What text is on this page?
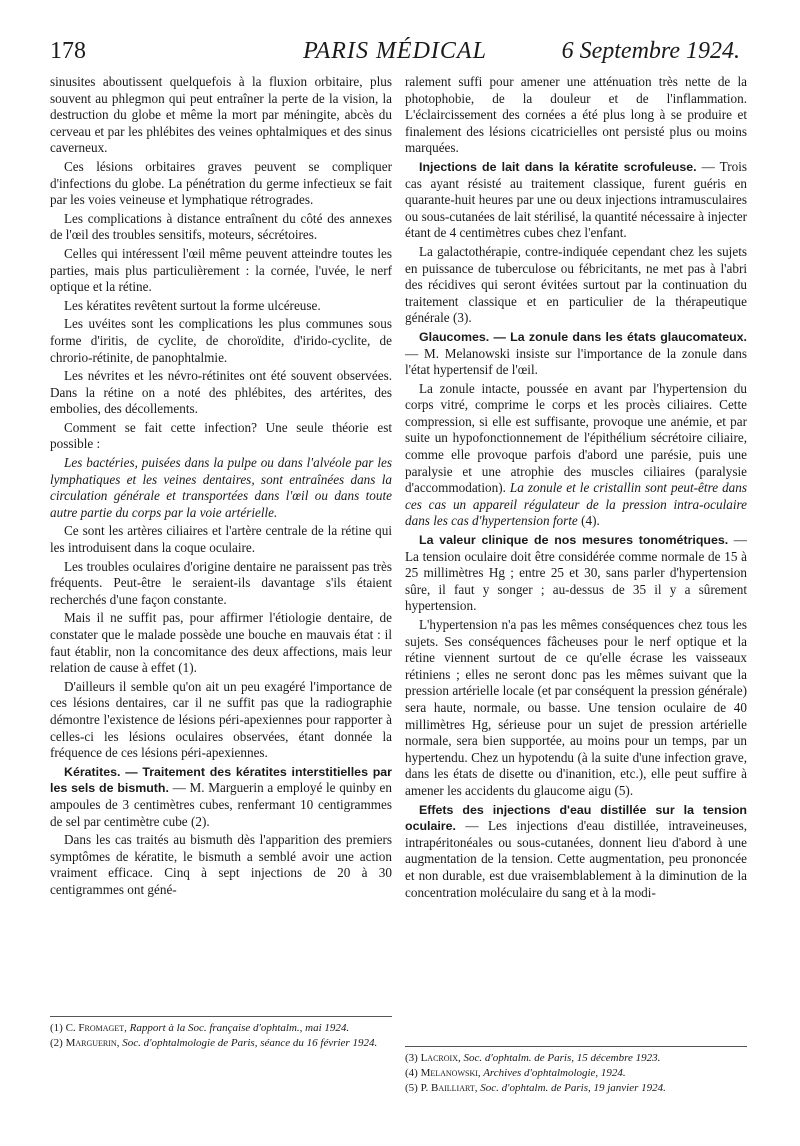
PARIS MÉDICAL
178	6 Septembre 1924.

sinusites aboutissent quelquefois à la fluxion orbitaire, plus souvent au phlegmon qui peut entraîner la perte de la vision, la destruction du globe et même la mort par méningite, abcès du cerveau et par les phlébites des veines ophtalmiques et des sinus caverneux.

Ces lésions orbitaires graves peuvent se compliquer d'infections du globe. La pénétration du germe infectieux se fait par les voies veineuse et lymphatique rétrogrades.

Les complications à distance entraînent du côté des annexes de l'œil des troubles sensitifs, moteurs, sécrétoires.

Celles qui intéressent l'œil même peuvent atteindre toutes les parties, mais plus particulièrement : la cornée, l'uvée, le nerf optique et la rétine.

Les kératites revêtent surtout la forme ulcéreuse.

Les uvéites sont les complications les plus communes sous forme d'iritis, de cyclite, de choroïdite, d'irido-cyclite, de chrorio-rétinite, de panophtalmie.

Les névrites et les névro-rétinites ont été souvent observées. Dans la rétine on a noté des phlébites, des artérites, des embolies, des décollements.

Comment se fait cette infection? Une seule théorie est possible :

Les bactéries, puisées dans la pulpe ou dans l'alvéole par les lymphatiques et les veines dentaires, sont entraînées dans la circulation générale et transportées dans l'œil ou dans toute autre partie du corps par la voie artérielle.

Ce sont les artères ciliaires et l'artère centrale de la rétine qui les introduisent dans la coque oculaire.

Les troubles oculaires d'origine dentaire ne paraissent pas très fréquents. Peut-être le seraient-ils davantage s'ils étaient recherchés d'une façon constante.

Mais il ne suffit pas, pour affirmer l'étiologie dentaire, de constater que le malade possède une bouche en mauvais état : il faut établir, non la concomitance des deux affections, mais leur relation de cause à effet (1).

D'ailleurs il semble qu'on ait un peu exagéré l'importance de ces lésions dentaires, car il ne suffit pas que la radiographie démontre l'existence de lésions péri-apexiennes pour rapporter à celles-ci les lésions oculaires observées, étant donnée la fréquence de ces lésions péri-apexiennes.

Kératites. — Traitement des kératites interstitielles par les sels de bismuth. — M. Marguerin a employé le quinby en ampoules de 3 centimètres cubes, renfermant 10 centigrammes de sel par centimètre cube (2).

Dans les cas traités au bismuth dès l'apparition des premiers symptômes de kératite, le bismuth a semblé avoir une action vraiment efficace. Cinq à sept injections de 20 à 30 centigrammes ont géné-

ralement suffi pour amener une atténuation très nette de la photophobie, de la douleur et de l'inflammation. L'éclaircissement des cornées a été plus long à se produire et finalement des lésions cicatricielles ont persisté plus ou moins marquées.

Injections de lait dans la kératite scrofuleuse. — Trois cas ayant résisté au traitement classique, furent guéris en quarante-huit heures par une ou deux injections intramusculaires ou sous-cutanées de lait stérilisé, la quantité nécessaire à injecter étant de 4 centimètres cubes chez l'enfant.

La galactothérapie, contre-indiquée cependant chez les sujets en puissance de tuberculose ou fébricitants, ne met pas à l'abri des récidives qui seront évitées surtout par la continuation du traitement classique et en particulier de la thérapeutique générale (3).

Glaucomes. — La zonule dans les états glaucomateux. — M. Melanowski insiste sur l'importance de la zonule dans l'état hypertensif de l'œil.

La zonule intacte, poussée en avant par l'hypertension du corps vitré, comprime le corps et les procès ciliaires. Cette compression, si elle est suffisante, provoque une anémie, et par suite un hypofonctionnement de l'épithélium sécrétoire ciliaire, comme elle provoque parfois d'abord une parésie, puis une paralysie et une atrophie des muscles ciliaires (paralysie d'accommodation). La zonule et le cristallin sont peut-être dans ces cas un appareil régulateur de la pression intra-oculaire dans les cas d'hypertension forte (4).

La valeur clinique de nos mesures tonométriques. — La tension oculaire doit être considérée comme normale de 15 à 25 millimètres Hg ; entre 25 et 30, sans parler d'hypertension sûre, il faut y songer ; au-dessus de 35 il y a sûrement hypertension.

L'hypertension n'a pas les mêmes conséquences chez tous les sujets. Ses conséquences fâcheuses pour le nerf optique et la rétine viennent surtout de ce qu'elle écrase les vaisseaux rétiniens ; elles ne seront donc pas les mêmes suivant que la pression artérielle locale (et par conséquent la pression générale) sera haute, normale, ou basse. Une tension oculaire de 40 millimètres Hg, sérieuse pour un sujet de pression artérielle normale, sera bien supportée, au moins pour un temps, par un hypertendu. Chez un hypotendu (à la suite d'une infection grave, dans les états de disette ou d'inanition, etc.), elle peut suffire à amener les accidents du glaucome aigu (5).

Effets des injections d'eau distillée sur la tension oculaire. — Les injections d'eau distillée, intraveineuses, intrapéritonéales ou sous-cutanées, donnent lieu d'abord à une augmentation de la tension. Cette augmentation, peu prononcée et non durable, est due vraisemblablement à la diminution de la concentration moléculaire du sang et à la modi-

(1) C. Fromaget, Rapport à la Soc. française d'ophtalm., mai 1924.
(2) Marguerin, Soc. d'ophtalmologie de Paris, séance du 16 février 1924.
(3) Lacroix, Soc. d'ophtalm. de Paris, 15 décembre 1923.
(4) Melanowski, Archives d'ophtalmologie, 1924.
(5) P. Bailliart, Soc. d'ophtalm. de Paris, 19 janvier 1924.
